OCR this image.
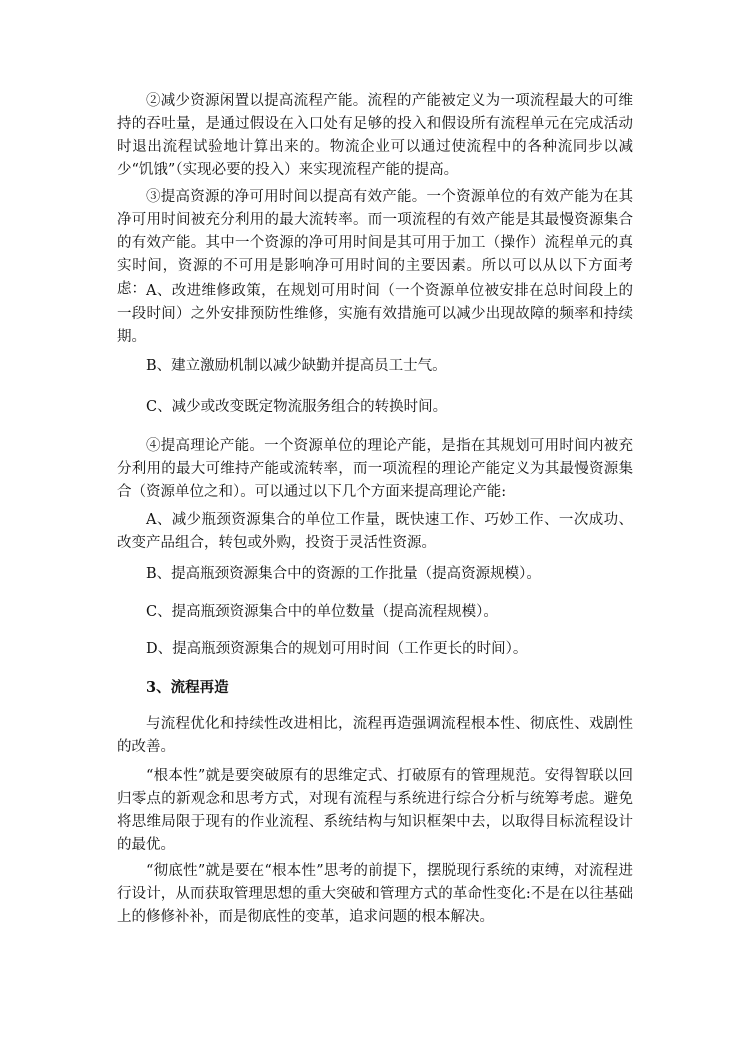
②减少资源闲置以提高流程产能。流程的产能被定义为一项流程最大的可维持的吞吐量，是通过假设在入口处有足够的投入和假设所有流程单元在完成活动时退出流程试验地计算出来的。物流企业可以通过使流程中的各种流同步以减少“饥饿”（实现必要的投入）来实现流程产能的提高。

③提高资源的净可用时间以提高有效产能。一个资源单位的有效产能为在其净可用时间被充分利用的最大流转率。而一项流程的有效产能是其最慢资源集合的有效产能。其中一个资源的净可用时间是其可用于加工（操作）流程单元的真实时间，资源的不可用是影响净可用时间的主要因素。所以可以从以下方面考虑： A、改进维修政策，在规划可用时间（一个资源单位被安排在总时间段上的一段时间）之外安排预防性维修，实施有效措施可以减少出现故障的频率和持续期。

B、建立激励机制以减少缺勤并提高员工士气。

C、减少或改变既定物流服务组合的转换时间。

④提高理论产能。一个资源单位的理论产能，是指在其规划可用时间内被充分利用的最大可维持产能或流转率，而一项流程的理论产能定义为其最慢资源集合（资源单位之和）。可以通过以下几个方面来提高理论产能:

A、减少瓶颈资源集合的单位工作量，既快速工作、巧妙工作、一次成功、改变产品组合，转包或外购，投资于灵活性资源。

B、提高瓶颈资源集合中的资源的工作批量（提高资源规模）。

C、提高瓶颈资源集合中的单位数量（提高流程规模）。

D、提高瓶颈资源集合的规划可用时间（工作更长的时间）。

3、流程再造

与流程优化和持续性改进相比，流程再造强调流程根本性、彻底性、戏剧性的改善。

“根本性”就是要突破原有的思维定式、打破原有的管理规范。安得智联以回归零点的新观念和思考方式，对现有流程与系统进行综合分析与统筹考虑。避免将思维局限于现有的作业流程、系统结构与知识框架中去，以取得目标流程设计的最优。

“彻底性”就是要在“根本性”思考的前提下，摆脱现行系统的束缚，对流程进行设计，从而获取管理思想的重大突破和管理方式的革命性变化:不是在以往基础上的修修补补，而是彻底性的变革，追求问题的根本解决。
